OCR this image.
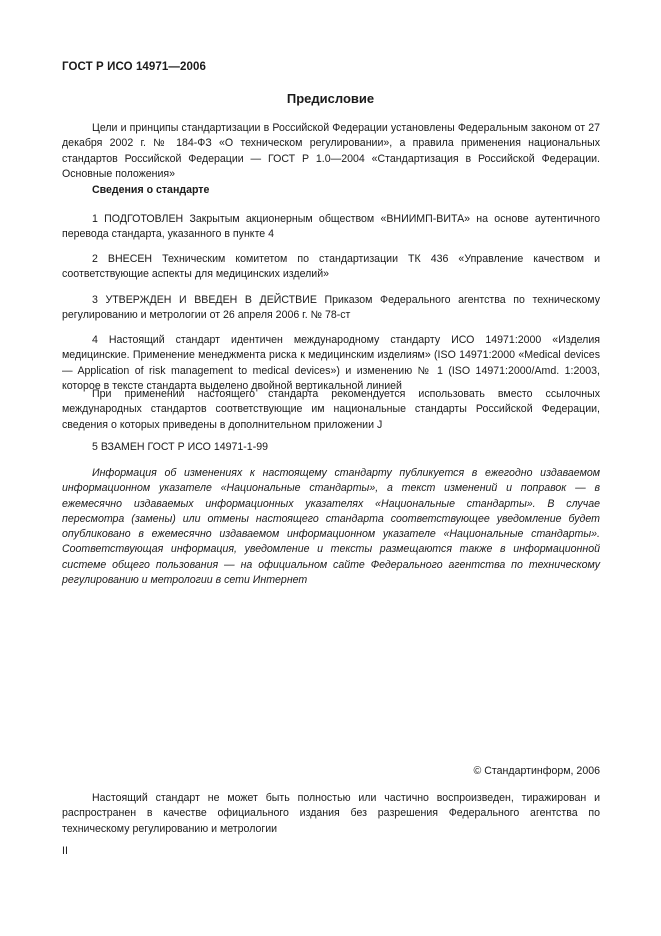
ГОСТ Р ИСО 14971—2006
Предисловие

Цели и принципы стандартизации в Российской Федерации установлены Федеральным законом от 27 декабря 2002 г. № 184-ФЗ «О техническом регулировании», а правила применения национальных стандартов Российской Федерации — ГОСТ Р 1.0—2004 «Стандартизация в Российской Федерации. Основные положения»

Сведения о стандарте

1 ПОДГОТОВЛЕН Закрытым акционерным обществом «ВНИИМП-ВИТА» на основе аутентичного перевода стандарта, указанного в пункте 4

2 ВНЕСЕН Техническим комитетом по стандартизации ТК 436 «Управление качеством и соответствующие аспекты для медицинских изделий»

3 УТВЕРЖДЕН И ВВЕДЕН В ДЕЙСТВИЕ Приказом Федерального агентства по техническому регулированию и метрологии от 26 апреля 2006 г. № 78-ст

4 Настоящий стандарт идентичен международному стандарту ИСО 14971:2000 «Изделия медицинские. Применение менеджмента риска к медицинским изделиям» (ISO 14971:2000 «Medical devices — Application of risk management to medical devices») и изменению № 1 (ISO 14971:2000/Amd. 1:2003, которое в тексте стандарта выделено двойной вертикальной линией

При применении настоящего стандарта рекомендуется использовать вместо ссылочных международных стандартов соответствующие им национальные стандарты Российской Федерации, сведения о которых приведены в дополнительном приложении J

5 ВЗАМЕН ГОСТ Р ИСО 14971-1-99

Информация об изменениях к настоящему стандарту публикуется в ежегодно издаваемом информационном указателе «Национальные стандарты», а текст изменений и поправок — в ежемесячно издаваемых информационных указателях «Национальные стандарты». В случае пересмотра (замены) или отмены настоящего стандарта соответствующее уведомление будет опубликовано в ежемесячно издаваемом информационном указателе «Национальные стандарты». Соответствующая информация, уведомление и тексты размещаются также в информационной системе общего пользования — на официальном сайте Федерального агентства по техническому регулированию и метрологии в сети Интернет

© Стандартинформ, 2006

Настоящий стандарт не может быть полностью или частично воспроизведен, тиражирован и распространен в качестве официального издания без разрешения Федерального агентства по техническому регулированию и метрологии

II
